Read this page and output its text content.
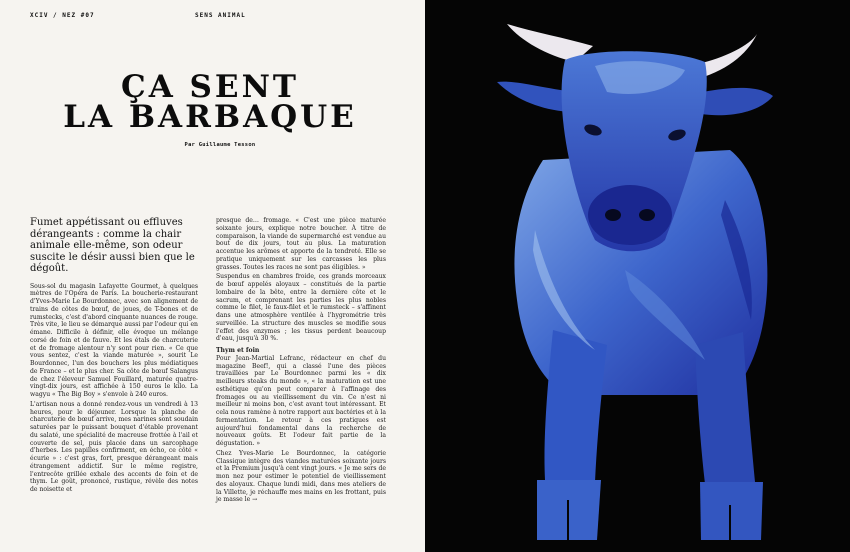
XCIV / NEZ #07	SENS ANIMAL
ÇA SENT
LA BARBAQUE
Par Guillaume Tesson

Fumet appétissant ou effluves dérangeants : comme la chair animale elle-même, son odeur suscite le désir aussi bien que le dégoût.

Sous-sol du magasin Lafayette Gourmet, à quelques mètres de l'Opéra de Paris. La boucherie-restaurant d'Yves-Marie Le Bourdonnec, avec son alignement de trains de côtes de bœuf, de joues, de T-bones et de rumstecks, c'est d'abord cinquante nuances de rouge. Très vite, le lieu se démarque aussi par l'odeur qui en émane. Difficile à définir, elle évoque un mélange corsé de foin et de fauve. Et les étals de charcuterie et de fromage alentour n'y sont pour rien. « Ce que vous sentez, c'est la viande maturée », sourit Le Bourdonnec, l'un des bouchers les plus médiatiques de France – et le plus cher. Sa côte de bœuf Salangus de chez l'éleveur Samuel Fouillard, maturée quatre-vingt-dix jours, est affichée à 150 euros le kilo. La wagyu « The Big Boy » s'envole à 240 euros.

L'artisan nous a donné rendez-vous un vendredi à 13 heures, pour le déjeuner. Lorsque la planche de charcuterie de bœuf arrive, mes narines sont soudain saturées par le puissant bouquet d'étable provenant du salaté, une spécialité de macreuse frottée à l'ail et couverte de sel, puis placée dans un sarcophage d'herbes. Les papilles confirment, en écho, ce côté « écurie » : c'est gras, fort, presque dérangeant mais étrangement addictif. Sur le même registre, l'entrecôte grillée exhale des accents de foin et de thym. Le goût, prononcé, rustique, révèle des notes de noisette et

presque de… fromage. « C'est une pièce maturée soixante jours, explique notre boucher. À titre de comparaison, la viande de supermarché est vendue au bout de dix jours, tout au plus. La maturation accentue les arômes et apporte de la tendreté. Elle se pratique uniquement sur les carcasses les plus grasses. Toutes les races ne sont pas éligibles. »

Suspendus en chambres froide, ces grands morceaux de bœuf appelés aloyaux – constitués de la partie lombaire de la bête, entre la dernière côte et le sacrum, et comprenant les parties les plus nobles comme le filet, le faux-filet et le rumsteck – s'affinent dans une atmosphère ventilée à l'hygrométrie très surveillée. La structure des muscles se modifie sous l'effet des enzymes ; les tissus perdent beaucoup d'eau, jusqu'à 30 %.

Thym et foin

Pour Jean-Martial Lefranc, rédacteur en chef du magazine Beef!, qui a classé l'une des pièces travaillées par Le Bourdonnec parmi les « dix meilleurs steaks du monde », « la maturation est une esthétique qu'on peut comparer à l'affinage des fromages ou au vieillissement du vin. Ce n'est ni meilleur ni moins bon, c'est avant tout intéressant. Et cela nous ramène à notre rapport aux bactéries et à la fermentation. Le retour à ces pratiques est aujourd'hui fondamental dans la recherche de nouveaux goûts. Et l'odeur fait partie de la dégustation. »

Chez Yves-Marie Le Bourdonnec, la catégorie Classique intègre des viandes maturées soixante jours et la Premium jusqu'à cent vingt jours. « Je me sers de mon nez pour estimer le potentiel de vieillissement des aloyaux. Chaque lundi midi, dans mes ateliers de la Villette, je réchauffe mes mains en les frottant, puis je masse le →
